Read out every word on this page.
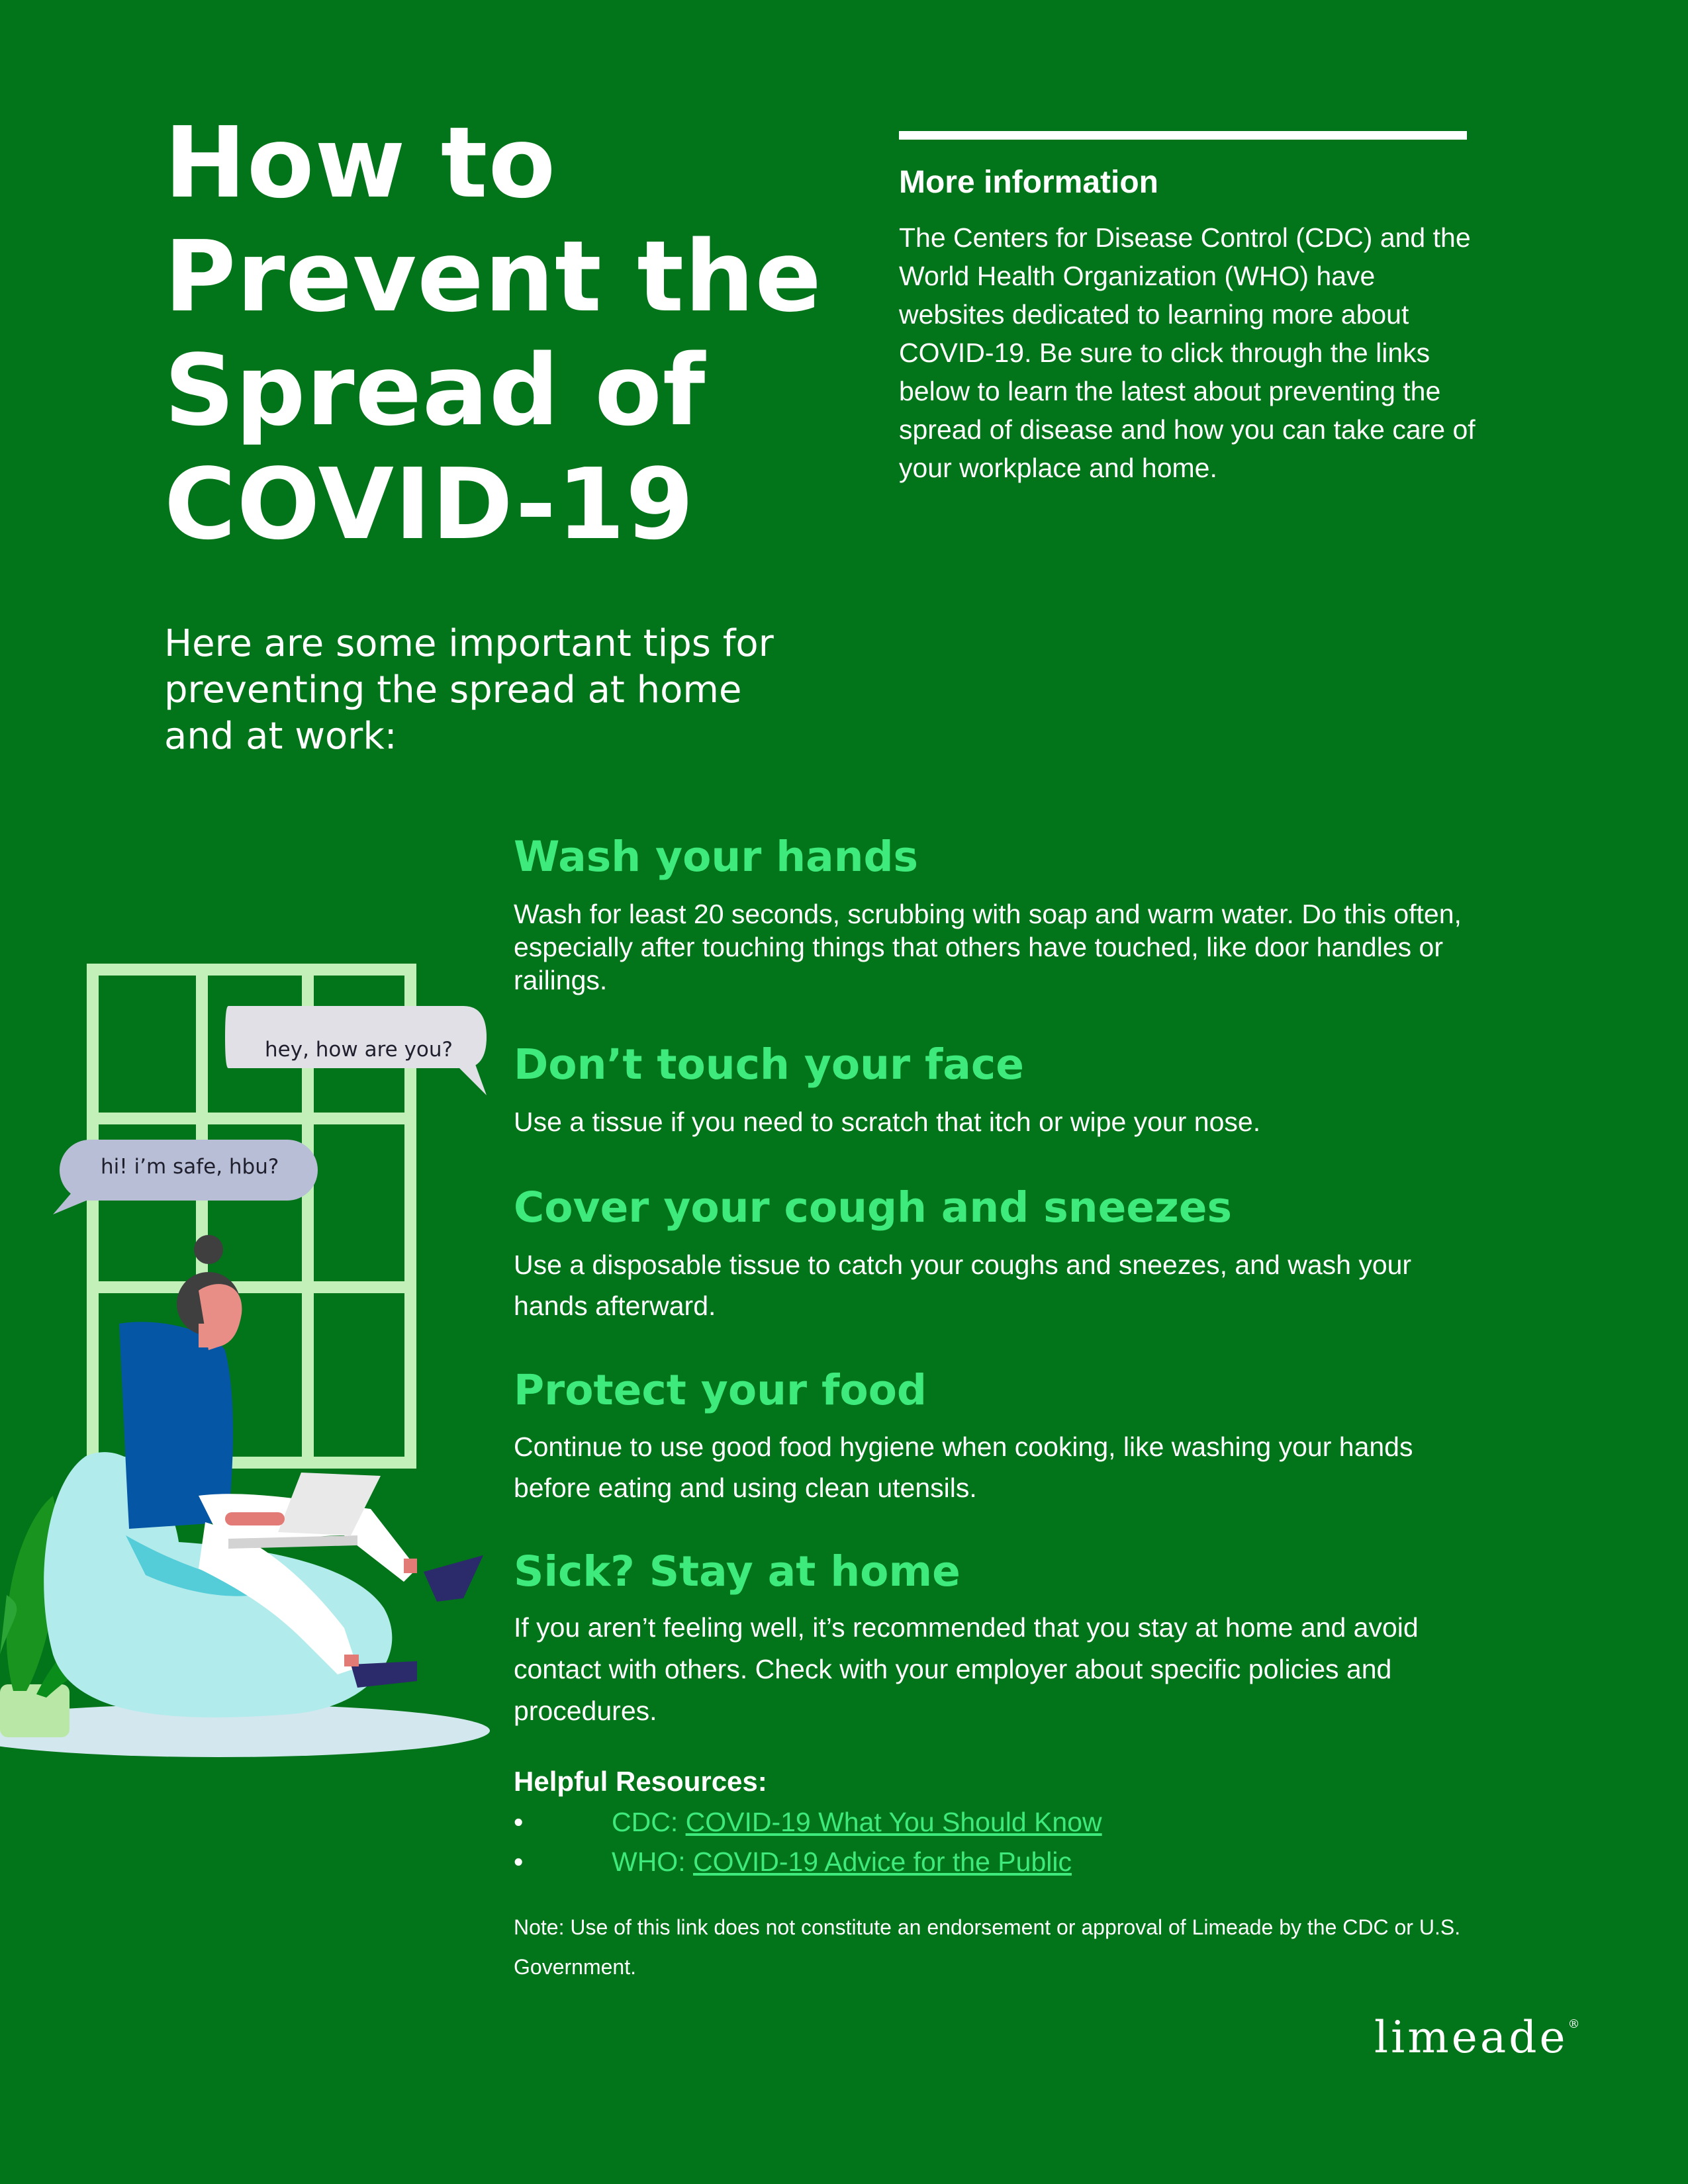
How to
Prevent the
Spread of
COVID-19

Here are some important tips for preventing the spread at home and at work:

More information

The Centers for Disease Control (CDC) and the World Health Organization (WHO) have websites dedicated to learning more about COVID-19. Be sure to click through the links below to learn the latest about preventing the spread of disease and how you can take care of your workplace and home.

Wash your hands

Wash for least 20 seconds, scrubbing with soap and warm water. Do this often, especially after touching things that others have touched, like door handles or railings.

Don’t touch your face

Use a tissue if you need to scratch that itch or wipe your nose.

Cover your cough and sneezes

Use a disposable tissue to catch your coughs and sneezes, and wash your hands afterward.

Protect your food

Continue to use good food hygiene when cooking, like washing your hands before eating and using clean utensils.

Sick? Stay at home

If you aren’t feeling well, it’s recommended that you stay at home and avoid contact with others. Check with your employer about specific policies and procedures.

Helpful Resources:
•	CDC: COVID-19 What You Should Know
•	WHO: COVID-19 Advice for the Public

Note: Use of this link does not constitute an endorsement or approval of Limeade by the CDC or U.S. Government.

limeade®
hey, how are you?
hi! i’m safe, hbu?
